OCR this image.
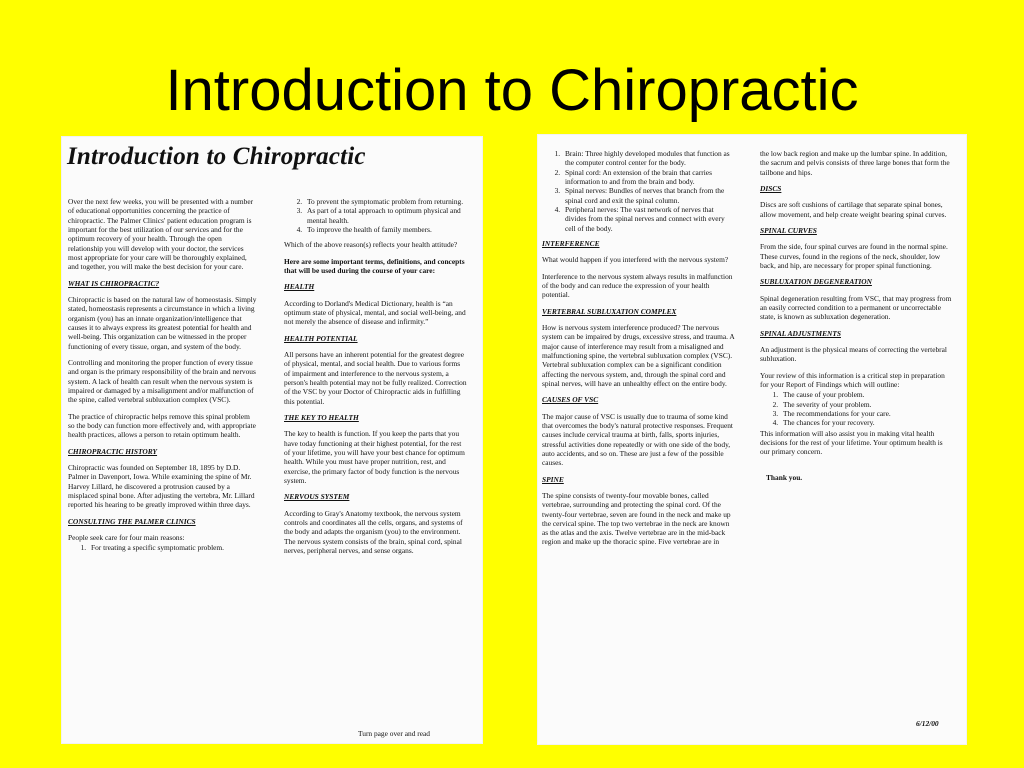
Introduction to Chiropractic
Introduction to Chiropractic

Over the next few weeks, you will be presented with a number of educational opportunities concerning the practice of chiropractic. The Palmer Clinics' patient education program is important for the best utilization of our services and for the optimum recovery of your health. Through the open relationship you will develop with your doctor, the services most appropriate for your care will be thoroughly explained, and together, you will make the best decision for your care.

WHAT IS CHIROPRACTIC?

Chiropractic is based on the natural law of homeostasis. Simply stated, homeostasis represents a circumstance in which a living organism (you) has an innate organization/intelligence that causes it to always express its greatest potential for health and well-being. This organization can be witnessed in the proper functioning of every tissue, organ, and system of the body.

Controlling and monitoring the proper function of every tissue and organ is the primary responsibility of the brain and nervous system. A lack of health can result when the nervous system is impaired or damaged by a misalignment and/or malfunction of the spine, called vertebral subluxation complex (VSC).

The practice of chiropractic helps remove this spinal problem so the body can function more effectively and, with appropriate health practices, allows a person to retain optimum health.

CHIROPRACTIC HISTORY

Chiropractic was founded on September 18, 1895 by D.D. Palmer in Davenport, Iowa. While examining the spine of Mr. Harvey Lillard, he discovered a protrusion caused by a misplaced spinal bone. After adjusting the vertebra, Mr. Lillard reported his hearing to be greatly improved within three days.

CONSULTING THE PALMER CLINICS

People seek care for four main reasons:

1. For treating a specific symptomatic problem.
2. To prevent the symptomatic problem from returning.
3. As part of a total approach to optimum physical and mental health.
4. To improve the health of family members.

Which of the above reason(s) reflects your health attitude?

Here are some important terms, definitions, and concepts that will be used during the course of your care:

HEALTH

According to Dorland's Medical Dictionary, health is “an optimum state of physical, mental, and social well-being, and not merely the absence of disease and infirmity.”

HEALTH POTENTIAL

All persons have an inherent potential for the greatest degree of physical, mental, and social health. Due to various forms of impairment and interference to the nervous system, a person's health potential may not be fully realized. Correction of the VSC by your Doctor of Chiropractic aids in fulfilling this potential.

THE KEY TO HEALTH

The key to health is function. If you keep the parts that you have today functioning at their highest potential, for the rest of your lifetime, you will have your best chance for optimum health. While you must have proper nutrition, rest, and exercise, the primary factor of body function is the nervous system.

NERVOUS SYSTEM

According to Gray's Anatomy textbook, the nervous system controls and coordinates all the cells, organs, and systems of the body and adapts the organism (you) to the environment. The nervous system consists of the brain, spinal cord, spinal nerves, peripheral nerves, and sense organs.

Turn page over and read
1. Brain: Three highly developed modules that function as the computer control center for the body.
2. Spinal cord: An extension of the brain that carries information to and from the brain and body.
3. Spinal nerves: Bundles of nerves that branch from the spinal cord and exit the spinal column.
4. Peripheral nerves: The vast network of nerves that divides from the spinal nerves and connect with every cell of the body.
INTERFERENCE

What would happen if you interfered with the nervous system?

Interference to the nervous system always results in malfunction of the body and can reduce the expression of your health potential.

VERTEBRAL SUBLUXATION COMPLEX

How is nervous system interference produced? The nervous system can be impaired by drugs, excessive stress, and trauma. A major cause of interference may result from a misaligned and malfunctioning spine, the vertebral subluxation complex (VSC). Vertebral subluxation complex can be a significant condition affecting the nervous system, and, through the spinal cord and spinal nerves, will have an unhealthy effect on the entire body.

CAUSES OF VSC

The major cause of VSC is usually due to trauma of some kind that overcomes the body's natural protective responses. Frequent causes include cervical trauma at birth, falls, sports injuries, stressful activities done repeatedly or with one side of the body, auto accidents, and so on. These are just a few of the possible causes.

SPINE

The spine consists of twenty-four movable bones, called vertebrae, surrounding and protecting the spinal cord. Of the twenty-four vertebrae, seven are found in the neck and make up the cervical spine. The top two vertebrae in the neck are known as the atlas and the axis. Twelve vertebrae are in the mid-back region and make up the thoracic spine. Five vertebrae are in

the low back region and make up the lumbar spine. In addition, the sacrum and pelvis consists of three large bones that form the tailbone and hips.

DISCS

Discs are soft cushions of cartilage that separate spinal bones, allow movement, and help create weight bearing spinal curves.

SPINAL CURVES

From the side, four spinal curves are found in the normal spine. These curves, found in the regions of the neck, shoulder, low back, and hip, are necessary for proper spinal functioning.

SUBLUXATION DEGENERATION

Spinal degeneration resulting from VSC, that may progress from an easily corrected condition to a permanent or uncorrectable state, is known as subluxation degeneration.

SPINAL ADJUSTMENTS

An adjustment is the physical means of correcting the vertebral subluxation.

Your review of this information is a critical step in preparation for your Report of Findings which will outline:

1. The cause of your problem.
2. The severity of your problem.
3. The recommendations for your care.
4. The chances for your recovery.

This information will also assist you in making vital health decisions for the rest of your lifetime. Your optimum health is our primary concern.

Thank you.

6/12/00
